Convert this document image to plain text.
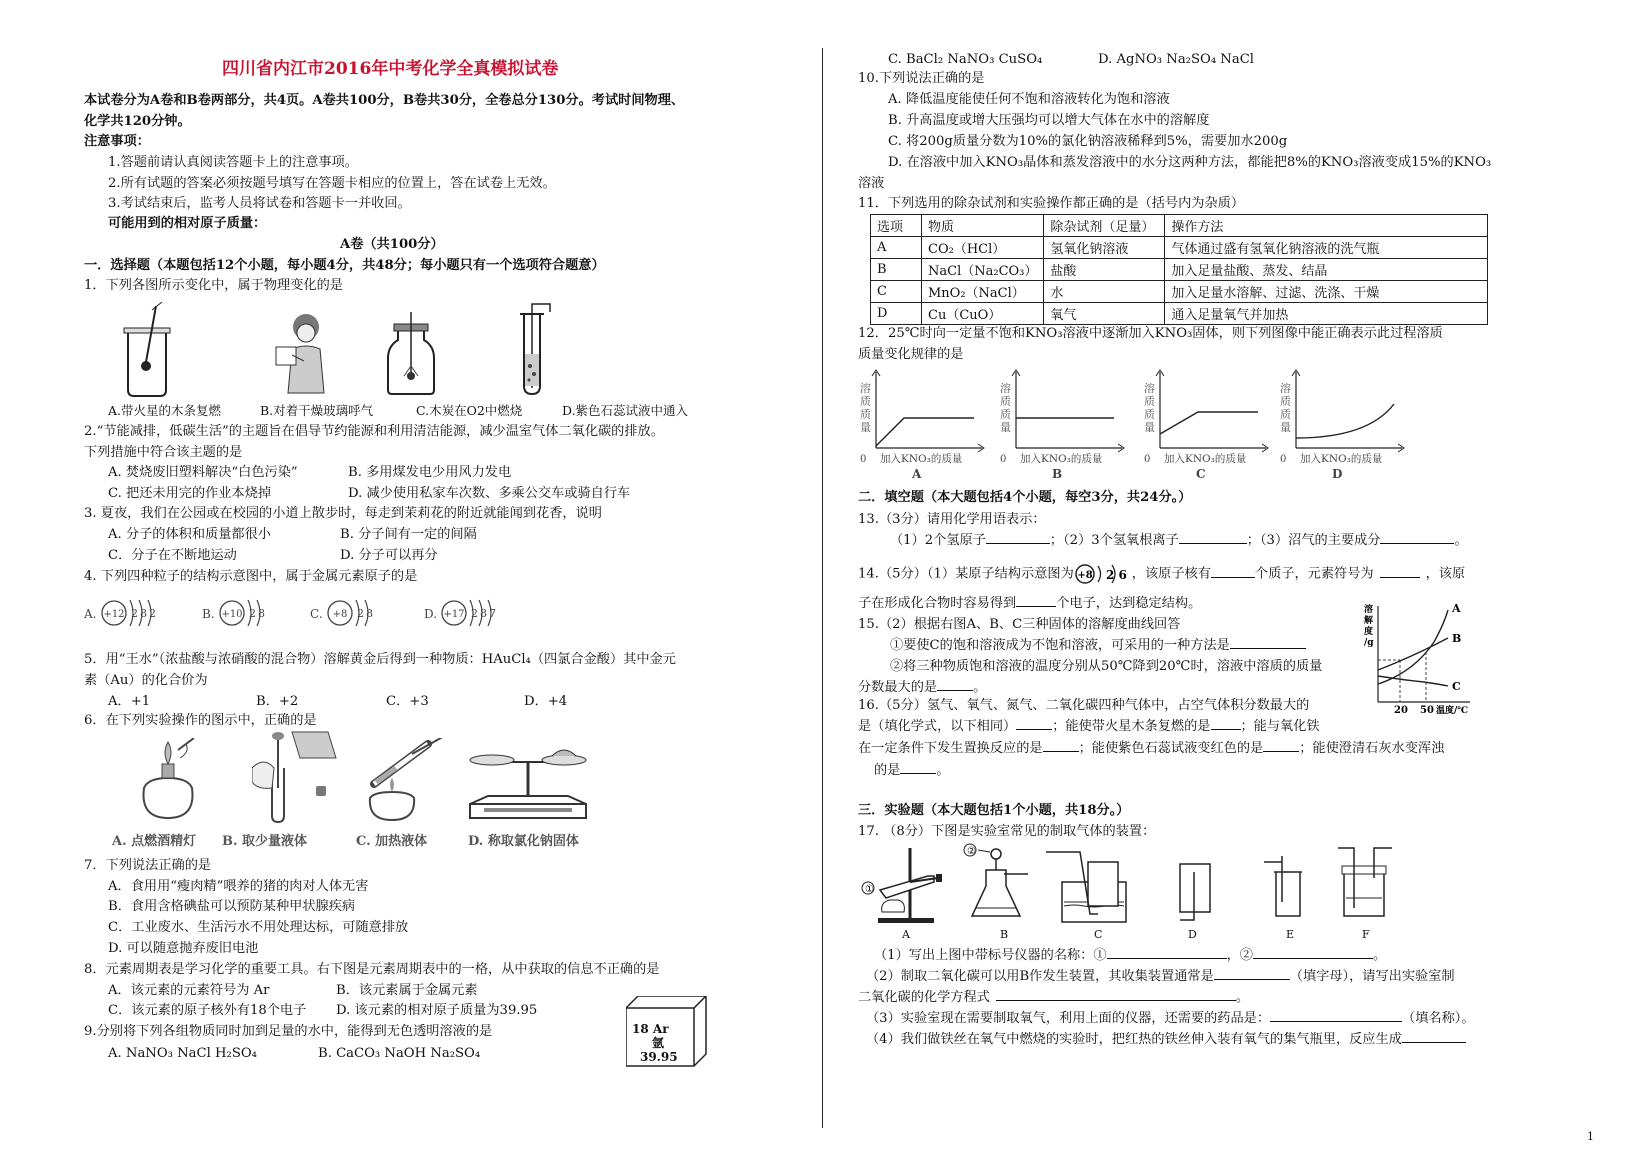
四川省内江市2016年中考化学全真模拟试卷
本试卷分为A卷和B卷两部分，共4页。A卷共100分，B卷共30分，全卷总分130分。考试时间物理、
化学共120分钟。
注意事项：
1.答题前请认真阅读答题卡上的注意事项。
2.所有试题的答案必须按题号填写在答题卡相应的位置上，答在试卷上无效。
3.考试结束后，监考人员将试卷和答题卡一并收回。
可能用到的相对原子质量：
A卷（共100分）
一．选择题（本题包括12个小题，每小题4分，共48分；每小题只有一个选项符合题意）
1．下列各图所示变化中，属于物理变化的是
A.带火星的木条复燃	B.对着干燥玻璃呼气	C.木炭在O2中燃烧	D.紫色石蕊试液中通入
2.“节能减排，低碳生活”的主题旨在倡导节约能源和利用清洁能源，减少温室气体二氧化碳的排放。
下列措施中符合该主题的是
A. 焚烧废旧塑料解决“白色污染”	B. 多用煤发电少用风力发电
C. 把还未用完的作业本烧掉	D. 减少使用私家车次数、多乘公交车或骑自行车
3. 夏夜，我们在公园或在校园的小道上散步时，每走到茉莉花的附近就能闻到花香，说明
A. 分子的体积和质量都很小	B. 分子间有一定的间隔
C．分子在不断地运动	D. 分子可以再分
4. 下列四种粒子的结构示意图中，属于金属元素原子的是
A. +12 2 8 2	B. +10 2 8	C. +8 2 8	D. +17 2 8 7
5．用“王水”（浓盐酸与浓硝酸的混合物）溶解黄金后得到一种物质：HAuCl₄（四氯合金酸）其中金元
素（Au）的化合价为
A．+1	B．+2	C．+3	D．+4
6．在下列实验操作的图示中，正确的是
A. 点燃酒精灯 B. 取少量液体	C. 加热液体	D. 称取氯化钠固体
7．下列说法正确的是
A．食用用“瘦肉精”喂养的猪的肉对人体无害
B．食用含格碘盐可以预防某种甲状腺疾病
C．工业废水、生活污水不用处理达标，可随意排放
D. 可以随意抛弃废旧电池
8．元素周期表是学习化学的重要工具。右下图是元素周期表中的一格，从中获取的信息不正确的是
A．该元素的元素符号为 Ar	B．该元素属于金属元素
C．该元素的原子核外有18个电子 D. 该元素的相对原子质量为39.95
18 Ar
氩
39.95
9.分别将下列各组物质同时加到足量的水中，能得到无色透明溶液的是
A. NaNO₃ NaCl H₂SO₄	B. CaCO₃ NaOH Na₂SO₄
C. BaCl₂ NaNO₃ CuSO₄	D. AgNO₃ Na₂SO₄ NaCl
10.下列说法正确的是
A. 降低温度能使任何不饱和溶液转化为饱和溶液
B. 升高温度或增大压强均可以增大气体在水中的溶解度
C. 将200g质量分数为10%的氯化钠溶液稀释到5%，需要加水200g
D. 在溶液中加入KNO₃晶体和蒸发溶液中的水分这两种方法，都能把8%的KNO₃溶液变成15%的KNO₃
溶液
11．下列选用的除杂试剂和实验操作都正确的是（括号内为杂质）
选项	物质	除杂试剂（足量）	操作方法
A	CO₂（HCl）	氢氧化钠溶液	气体通过盛有氢氧化钠溶液的洗气瓶
B	NaCl（Na₂CO₃）	盐酸	加入足量盐酸、蒸发、结晶
C	MnO₂（NaCl）	水	加入足量水溶解、过滤、洗涤、干燥
D	Cu（CuO）	氧气	通入足量氧气并加热
12．25℃时向一定量不饱和KNO₃溶液中逐渐加入KNO₃固体，则下列图像中能正确表示此过程溶质
质量变化规律的是
溶
质
质
量
0 加入KNO₃的质量
A
溶
质
质
量
0 加入KNO₃的质量
B
溶
质
质
量
0 加入KNO₃的质量
C
溶
质
质
量
0 加入KNO₃的质量
D
二．填空题（本大题包括4个小题，每空3分，共24分。）
13.（3分）请用化学用语表示：
（1）2个氢原子	；（2）3个氢氧根离子	；（3）沼气的主要成分	。
14.（5分）（1）某原子结构示意图为 +8 2 6 ，该原子核有	个质子，元素符号为	，该原
子在形成化合物时容易得到	个电子，达到稳定结构。
15.（2）根据右图A、B、C三种固体的溶解度曲线回答
①要使C的饱和溶液成为不饱和溶液，可采用的一种方法是
②将三种物质饱和溶液的温度分别从50℃降到20℃时，溶液中溶质的质量
分数最大的是	。
溶
解
度
/g
A
B
C
20 50 温度/℃
16.（5分）氢气、氧气、氮气、二氧化碳四种气体中，占空气体积分数最大的
是（填化学式，以下相同）	；能使带火星木条复燃的是 ；能与氧化铁
在一定条件下发生置换反应的是	；能使紫色石蕊试液变红色的是	；能使澄清石灰水变浑浊
的是	。
三．实验题（本大题包括1个小题，共18分。）
17. （8分）下图是实验室常见的制取气体的装置：
①
②
A	B	C	D	E	F
（1）写出上图中带标号仪器的名称：①	，②	。
（2）制取二氧化碳可以用B作发生装置，其收集装置通常是	（填字母），请写出实验室制
二氧化碳的化学方程式	。
（3）实验室现在需要制取氧气，利用上面的仪器，还需要的药品是：	（填名称）。
（4）我们做铁丝在氧气中燃烧的实验时，把红热的铁丝伸入装有氧气的集气瓶里，反应生成
1
